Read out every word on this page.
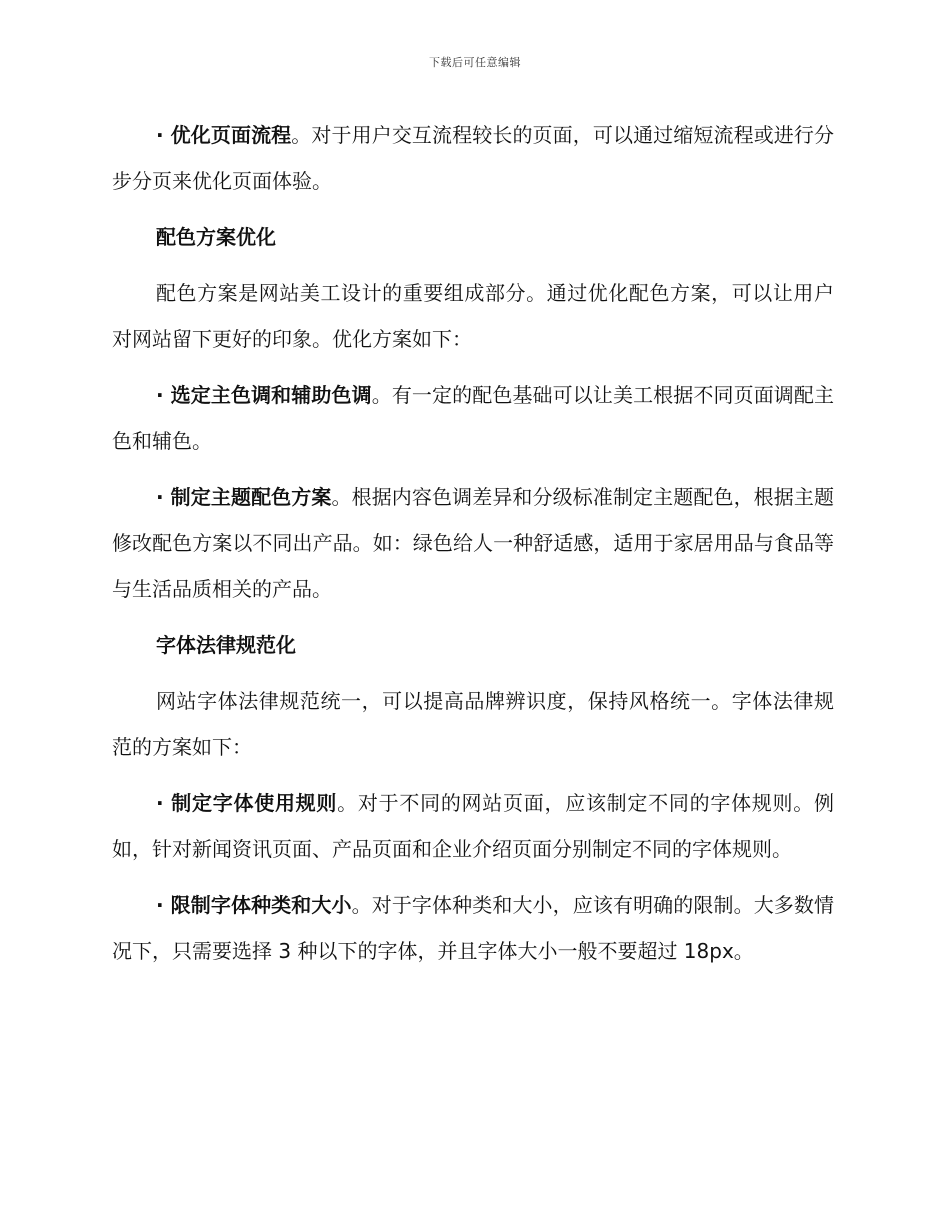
下载后可任意编辑

· 优化页面流程。对于用户交互流程较长的页面，可以通过缩短流程或进行分步分页来优化页面体验。

配色方案优化

配色方案是网站美工设计的重要组成部分。通过优化配色方案，可以让用户对网站留下更好的印象。优化方案如下：

· 选定主色调和辅助色调。有一定的配色基础可以让美工根据不同页面调配主色和辅色。

· 制定主题配色方案。根据内容色调差异和分级标准制定主题配色，根据主题修改配色方案以不同出产品。如：绿色给人一种舒适感，适用于家居用品与食品等与生活品质相关的产品。

字体法律规范化

网站字体法律规范统一，可以提高品牌辨识度，保持风格统一。字体法律规范的方案如下：

· 制定字体使用规则。对于不同的网站页面，应该制定不同的字体规则。例如，针对新闻资讯页面、产品页面和企业介绍页面分别制定不同的字体规则。

· 限制字体种类和大小。对于字体种类和大小，应该有明确的限制。大多数情况下，只需要选择 3 种以下的字体，并且字体大小一般不要超过 18px。
